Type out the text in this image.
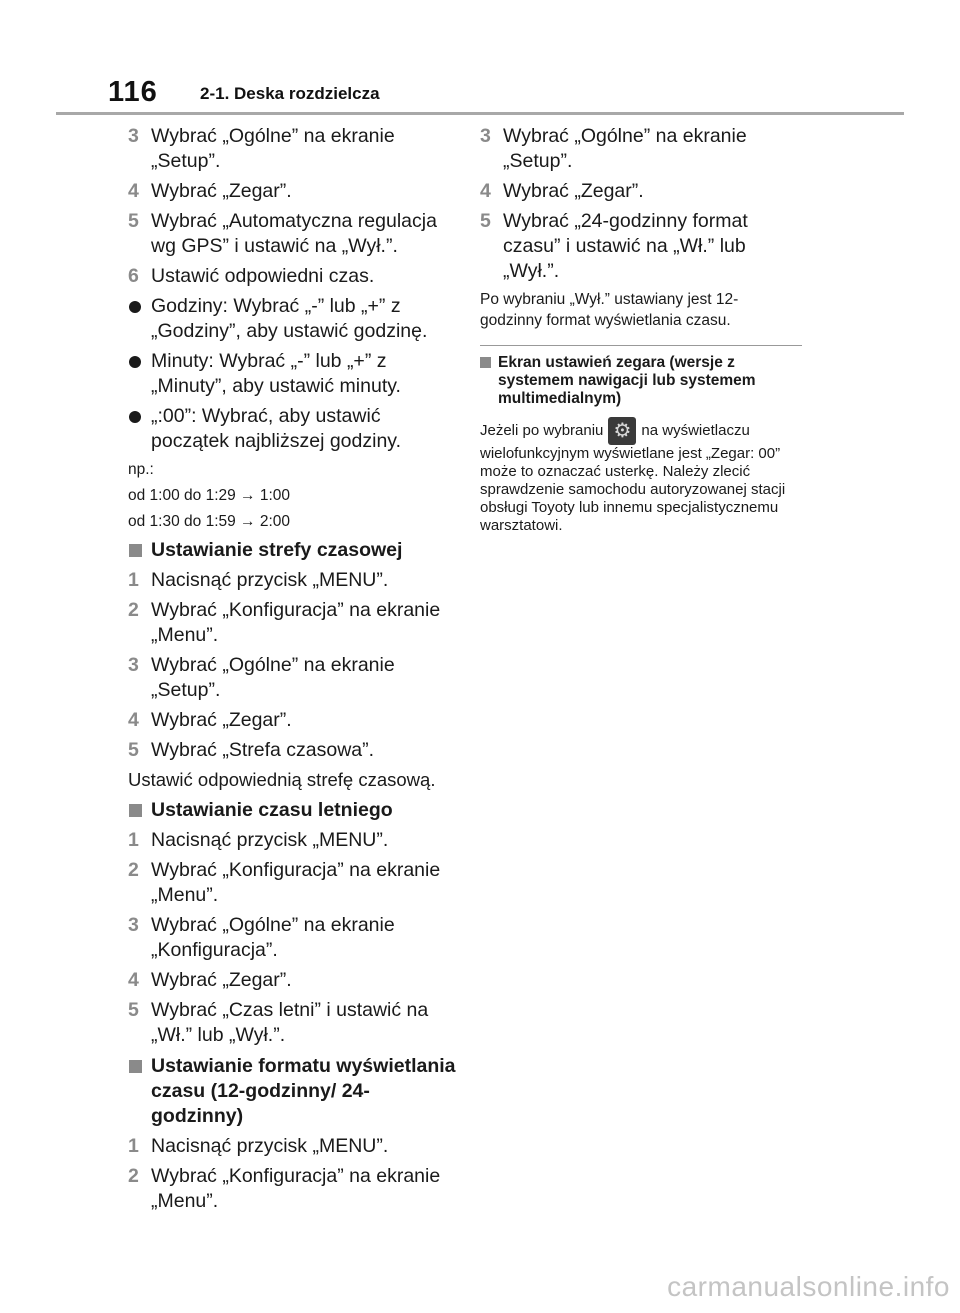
116 2-1. Deska rozdzielcza
3 Wybrać „Ogólne” na ekranie „Setup”.
4 Wybrać „Zegar”.
5 Wybrać „Automatyczna regulacja wg GPS” i ustawić na „Wył.”.
6 Ustawić odpowiedni czas.
Godziny: Wybrać „-” lub „+” z „Godziny”, aby ustawić godzinę.
Minuty: Wybrać „-” lub „+” z „Minuty”, aby ustawić minuty.
„:00”: Wybrać, aby ustawić początek najbliższej godziny.
np.:
od 1:00 do 1:29 → 1:00
od 1:30 do 1:59 → 2:00
Ustawianie strefy czasowej
1 Nacisnąć przycisk „MENU”.
2 Wybrać „Konfiguracja” na ekranie „Menu”.
3 Wybrać „Ogólne” na ekranie „Setup”.
4 Wybrać „Zegar”.
5 Wybrać „Strefa czasowa”.
Ustawić odpowiednią strefę czasową.
Ustawianie czasu letniego
1 Nacisnąć przycisk „MENU”.
2 Wybrać „Konfiguracja” na ekranie „Menu”.
3 Wybrać „Ogólne” na ekranie „Konfiguracja”.
4 Wybrać „Zegar”.
5 Wybrać „Czas letni” i ustawić na „Wł.” lub „Wył.”.
Ustawianie formatu wyświetlania czasu (12-godzinny/ 24-godzinny)
1 Nacisnąć przycisk „MENU”.
2 Wybrać „Konfiguracja” na ekranie „Menu”.
3 Wybrać „Ogólne” na ekranie „Setup”.
4 Wybrać „Zegar”.
5 Wybrać „24-godzinny format czasu” i ustawić na „Wł.” lub „Wył.”.
Po wybraniu „Wył.” ustawiany jest 12-godzinny format wyświetlania czasu.
Ekran ustawień zegara (wersje z systemem nawigacji lub systemem multimedialnym)
Jeżeli po wybraniu ⚙ na wyświetlaczu wielofunkcyjnym wyświetlane jest „Zegar: 00” może to oznaczać usterkę. Należy zlecić sprawdzenie samochodu autoryzowanej stacji obsługi Toyoty lub innemu specjalistycznemu warsztatowi.
carmanualsonline.info
